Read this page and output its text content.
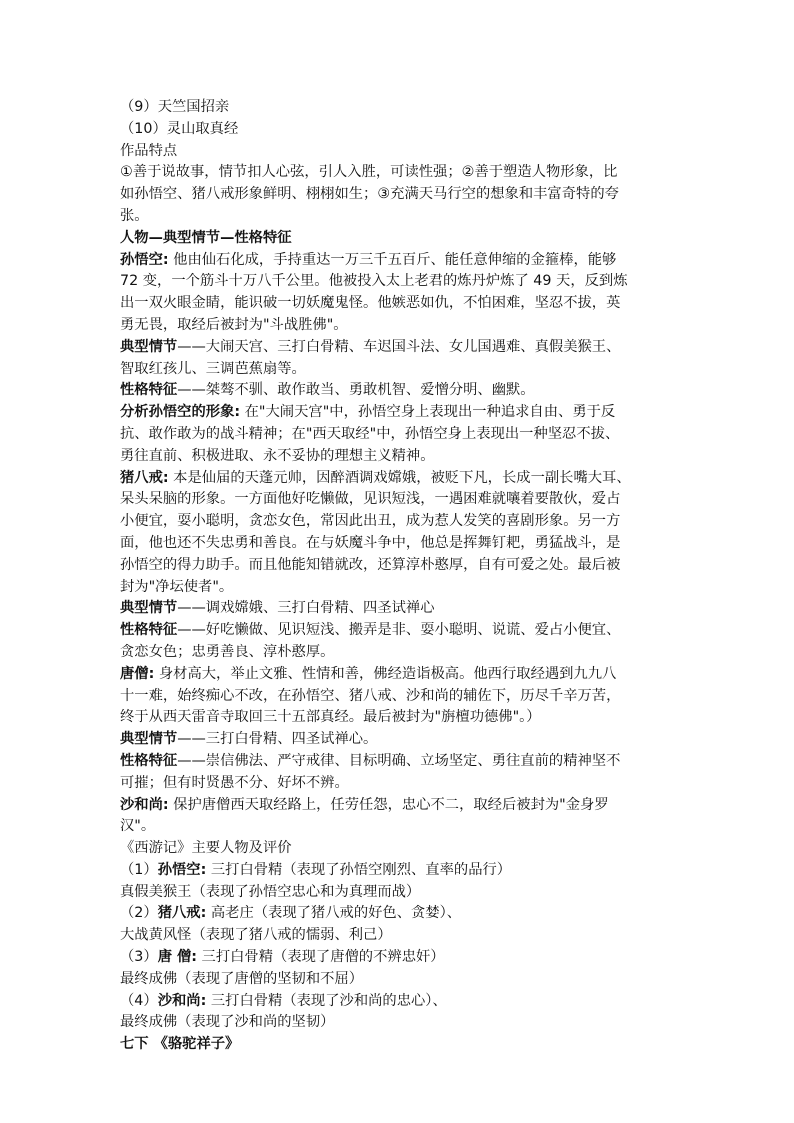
（9）天竺国招亲
（10）灵山取真经
作品特点
①善于说故事，情节扣人心弦，引人入胜，可读性强；②善于塑造人物形象，比
如孙悟空、猪八戒形象鲜明、栩栩如生；③充满天马行空的想象和丰富奇特的夸
张。
人物—典型情节—性格特征
孙悟空: 他由仙石化成，手持重达一万三千五百斤、能任意伸缩的金箍棒，能够
72 变，一个筋斗十万八千公里。他被投入太上老君的炼丹炉炼了 49 天，反到炼
出一双火眼金睛，能识破一切妖魔鬼怪。他嫉恶如仇，不怕困难，坚忍不拔，英
勇无畏，取经后被封为"斗战胜佛"。
典型情节——大闹天宫、三打白骨精、车迟国斗法、女儿国遇难、真假美猴王、
智取红孩儿、三调芭蕉扇等。
性格特征——桀骜不驯、敢作敢当、勇敢机智、爱憎分明、幽默。
分析孙悟空的形象: 在"大闹天宫"中，孙悟空身上表现出一种追求自由、勇于反
抗、敢作敢为的战斗精神；在"西天取经"中，孙悟空身上表现出一种坚忍不拔、
勇往直前、积极进取、永不妥协的理想主义精神。
猪八戒: 本是仙届的天蓬元帅，因醉酒调戏嫦娥，被贬下凡，长成一副长嘴大耳、
呆头呆脑的形象。一方面他好吃懒做，见识短浅，一遇困难就嚷着要散伙，爱占
小便宜，耍小聪明，贪恋女色，常因此出丑，成为惹人发笑的喜剧形象。另一方
面，他也还不失忠勇和善良。在与妖魔斗争中，他总是挥舞钉耙，勇猛战斗，是
孙悟空的得力助手。而且他能知错就改，还算淳朴憨厚，自有可爱之处。最后被
封为"净坛使者"。
典型情节——调戏嫦娥、三打白骨精、四圣试禅心
性格特征——好吃懒做、见识短浅、搬弄是非、耍小聪明、说谎、爱占小便宜、
贪恋女色；忠勇善良、淳朴憨厚。
唐僧: 身材高大，举止文雅、性情和善，佛经造诣极高。他西行取经遇到九九八
十一难，始终痴心不改，在孙悟空、猪八戒、沙和尚的辅佐下，历尽千辛万苦，
终于从西天雷音寺取回三十五部真经。最后被封为"旃檀功德佛"。）
典型情节——三打白骨精、四圣试禅心。
性格特征——崇信佛法、严守戒律、目标明确、立场坚定、勇往直前的精神坚不
可摧；但有时贤愚不分、好坏不辨。
沙和尚: 保护唐僧西天取经路上，任劳任怨，忠心不二，取经后被封为"金身罗
汉"。
《西游记》主要人物及评价
（1）孙悟空: 三打白骨精（表现了孙悟空刚烈、直率的品行）
真假美猴王（表现了孙悟空忠心和为真理而战）
（2）猪八戒: 高老庄（表现了猪八戒的好色、贪婪）、
大战黄风怪（表现了猪八戒的懦弱、利己）
（3）唐 僧: 三打白骨精（表现了唐僧的不辨忠奸）
最终成佛（表现了唐僧的坚韧和不屈）
（4）沙和尚: 三打白骨精（表现了沙和尚的忠心）、
最终成佛（表现了沙和尚的坚韧）
七下 《骆驼祥子》
